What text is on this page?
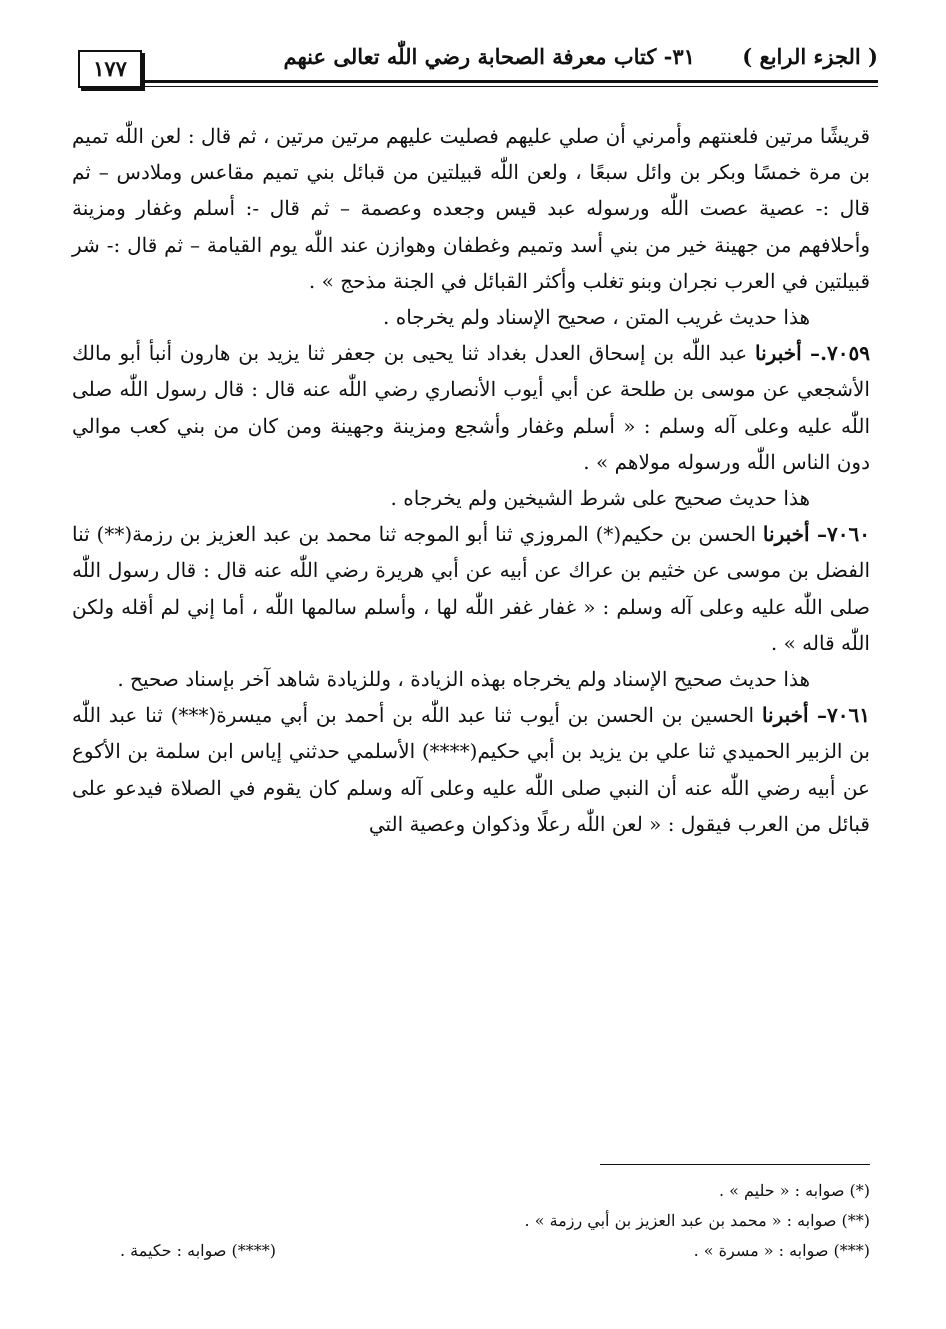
( الجزء الرابع ) ٣١- كتاب معرفة الصحابة رضي اللّٰه تعالى عنهم
١٧٧

قريشًا مرتين فلعنتهم وأمرني أن صلي عليهم فصليت عليهم مرتين مرتين ، ثم قال : لعن اللّٰه تميم بن مرة خمسًا وبكر بن وائل سبعًا ، ولعن اللّٰه قبيلتين من قبائل بني تميم مقاعس وملادس – ثم قال :- عصية عصت اللّٰه ورسوله عبد قيس وجعده وعصمة – ثم قال -: أسلم وغفار ومزينة وأحلافهم من جهينة خير من بني أسد وتميم وغطفان وهوازن عند اللّٰه يوم القيامة – ثم قال :- شر قبيلتين في العرب نجران وبنو تغلب وأكثر القبائل في الجنة مذحج » .

هذا حديث غريب المتن ، صحيح الإسناد ولم يخرجاه .

٧٠٥٩.– أخبرنا عبد اللّٰه بن إسحاق العدل بغداد ثنا يحيى بن جعفر ثنا يزيد بن هارون أنبأ أبو مالك الأشجعي عن موسى بن طلحة عن أبي أيوب الأنصاري رضي اللّٰه عنه قال : قال رسول اللّٰه صلى اللّٰه عليه وعلى آله وسلم : « أسلم وغفار وأشجع ومزينة وجهينة ومن كان من بني كعب موالي دون الناس اللّٰه ورسوله مولاهم » .

هذا حديث صحيح على شرط الشيخين ولم يخرجاه .

٧٠٦٠– أخبرنا الحسن بن حكيم(*) المروزي ثنا أبو الموجه ثنا محمد بن عبد العزيز بن رزمة(**) ثنا الفضل بن موسى عن خثيم بن عراك عن أبيه عن أبي هريرة رضي اللّٰه عنه قال : قال رسول اللّٰه صلى اللّٰه عليه وعلى آله وسلم : « غفار غفر اللّٰه لها ، وأسلم سالمها اللّٰه ، أما إني لم أقله ولكن اللّٰه قاله » .

هذا حديث صحيح الإسناد ولم يخرجاه بهذه الزيادة ، وللزيادة شاهد آخر بإسناد صحيح .

٧٠٦١– أخبرنا الحسين بن الحسن بن أيوب ثنا عبد اللّٰه بن أحمد بن أبي ميسرة(***) ثنا عبد اللّٰه بن الزبير الحميدي ثنا علي بن يزيد بن أبي حكيم(****) الأسلمي حدثني إياس ابن سلمة بن الأكوع عن أبيه رضي اللّٰه عنه أن النبي صلى اللّٰه عليه وعلى آله وسلم كان يقوم في الصلاة فيدعو على قبائل من العرب فيقول : « لعن اللّٰه رعلًا وذكوان وعصية التي

(*) صوابه : « حليم » .
(**) صوابه : « محمد بن عبد العزيز بن أبي رزمة » .
(***) صوابه : « مسرة » .
(****) صوابه : حكيمة .
